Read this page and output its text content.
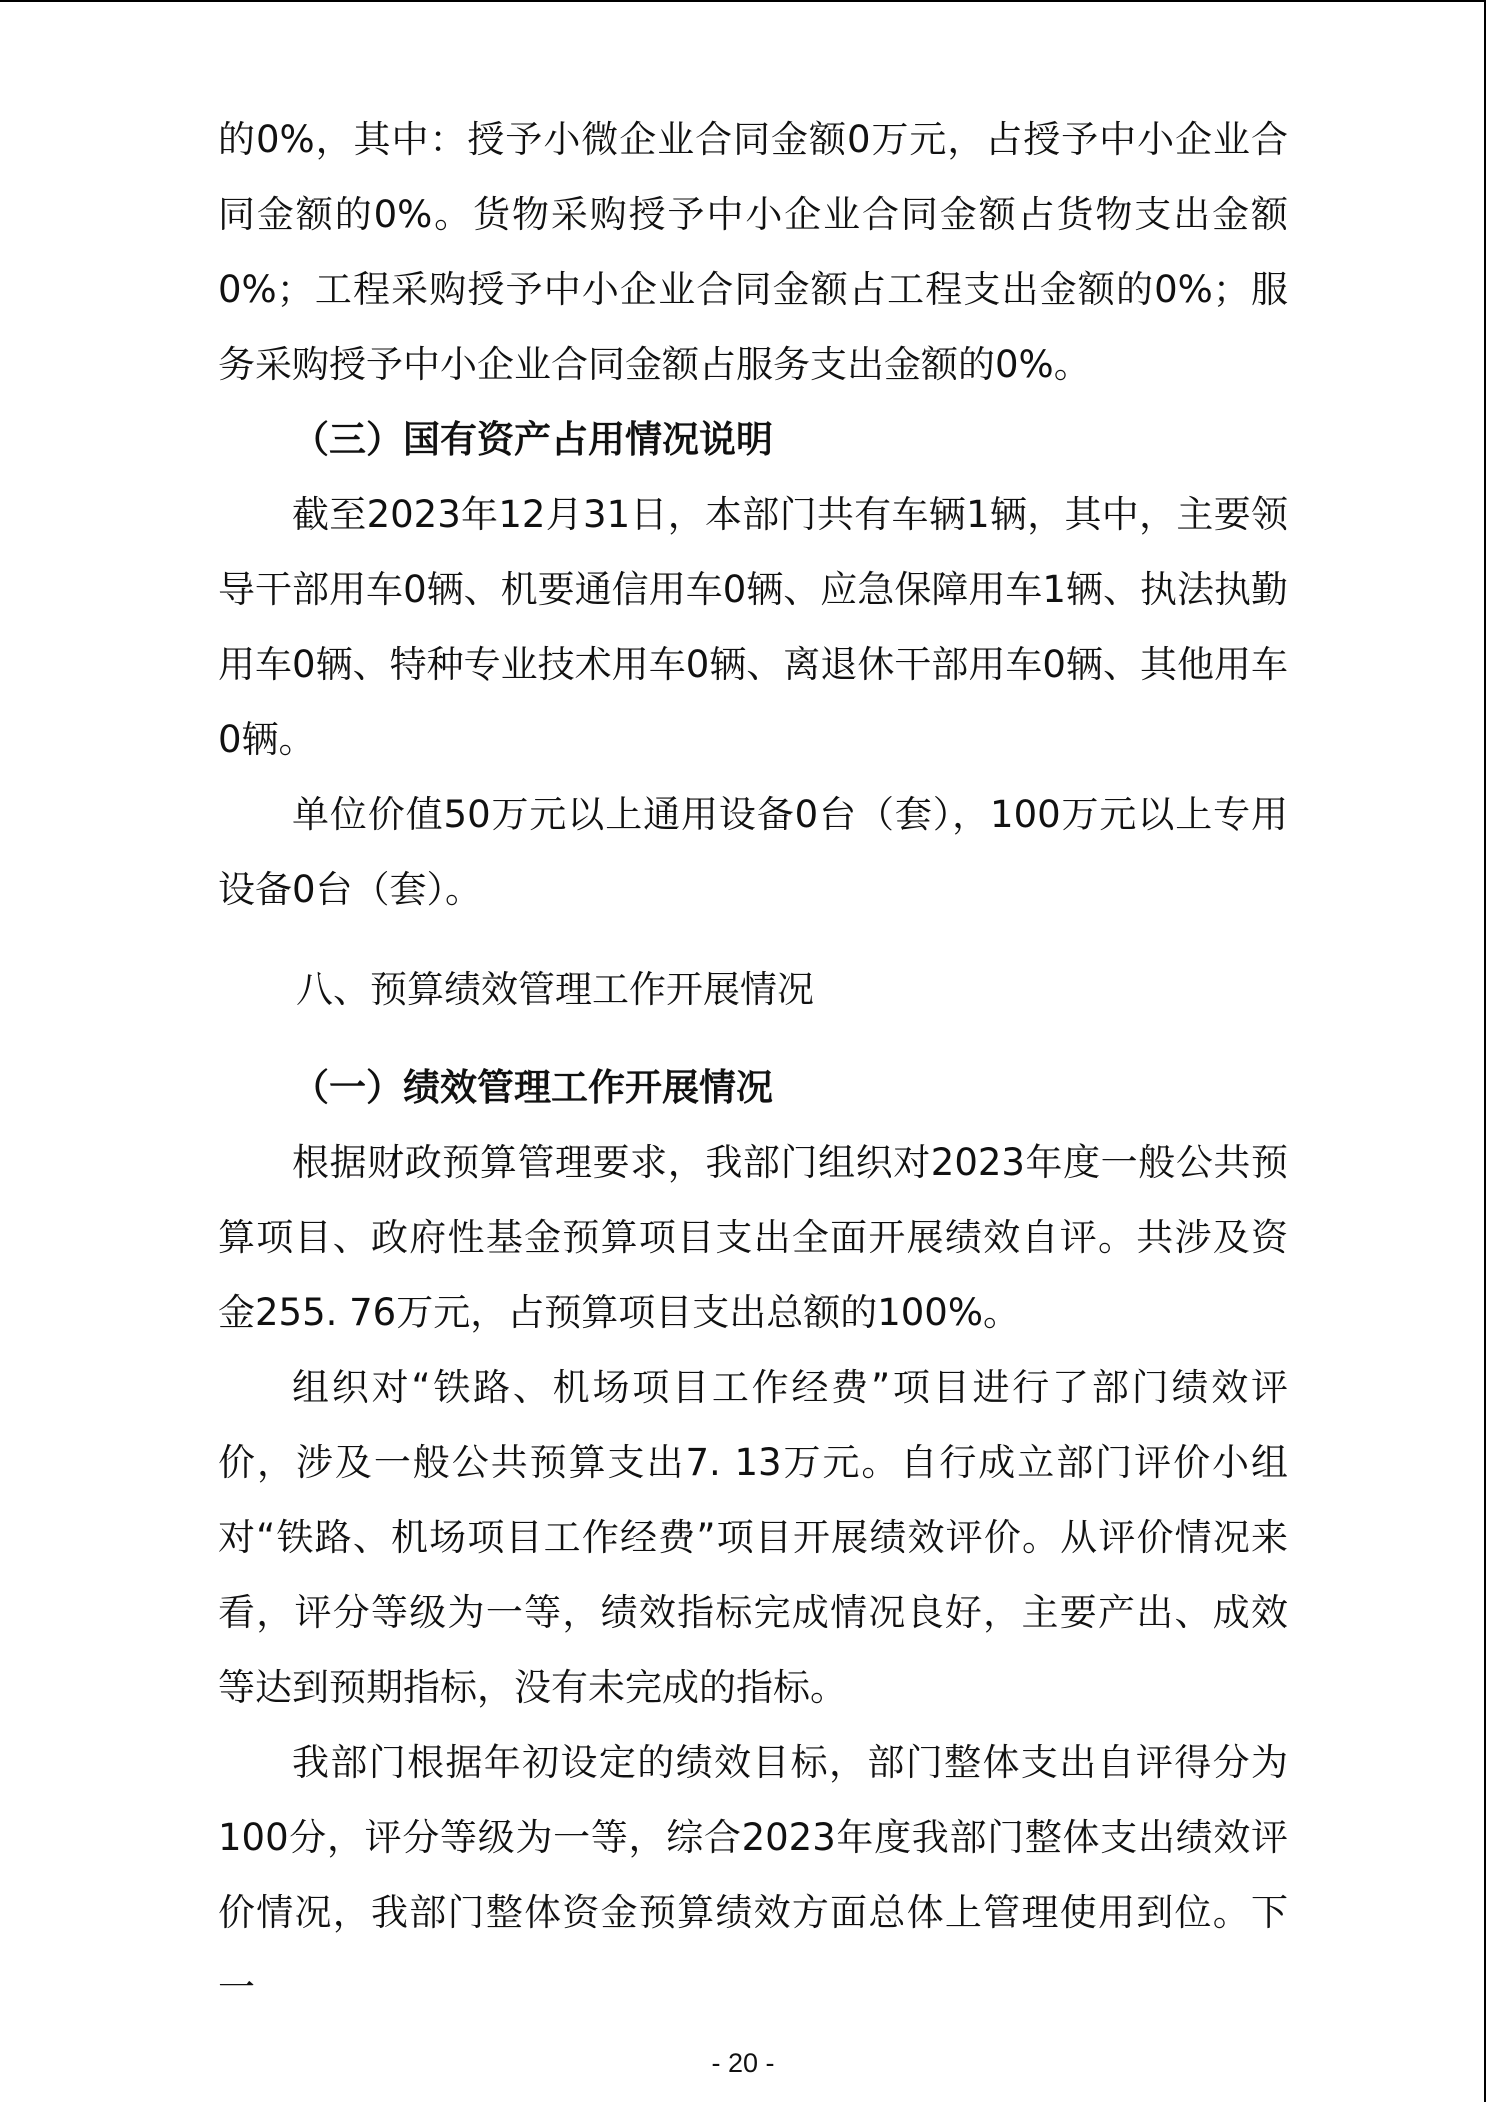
的0%，其中：授予小微企业合同金额0万元，占授予中小企业合同金额的0%。货物采购授予中小企业合同金额占货物支出金额0%；工程采购授予中小企业合同金额占工程支出金额的0%；服务采购授予中小企业合同金额占服务支出金额的0%。

（三）国有资产占用情况说明

截至2023年12月31日，本部门共有车辆1辆，其中，主要领导干部用车0辆、机要通信用车0辆、应急保障用车1辆、执法执勤用车0辆、特种专业技术用车0辆、离退休干部用车0辆、其他用车0辆。

单位价值50万元以上通用设备0台（套），100万元以上专用设备0台（套）。

八、预算绩效管理工作开展情况

（一）绩效管理工作开展情况

根据财政预算管理要求，我部门组织对2023年度一般公共预算项目、政府性基金预算项目支出全面开展绩效自评。共涉及资金255. 76万元，占预算项目支出总额的100%。

组织对“铁路、机场项目工作经费”项目进行了部门绩效评价，涉及一般公共预算支出7. 13万元。自行成立部门评价小组对“铁路、机场项目工作经费”项目开展绩效评价。从评价情况来看，评分等级为一等，绩效指标完成情况良好，主要产出、成效等达到预期指标，没有未完成的指标。

我部门根据年初设定的绩效目标，部门整体支出自评得分为100分，评分等级为一等，综合2023年度我部门整体支出绩效评价情况，我部门整体资金预算绩效方面总体上管理使用到位。下一

- 20 -
